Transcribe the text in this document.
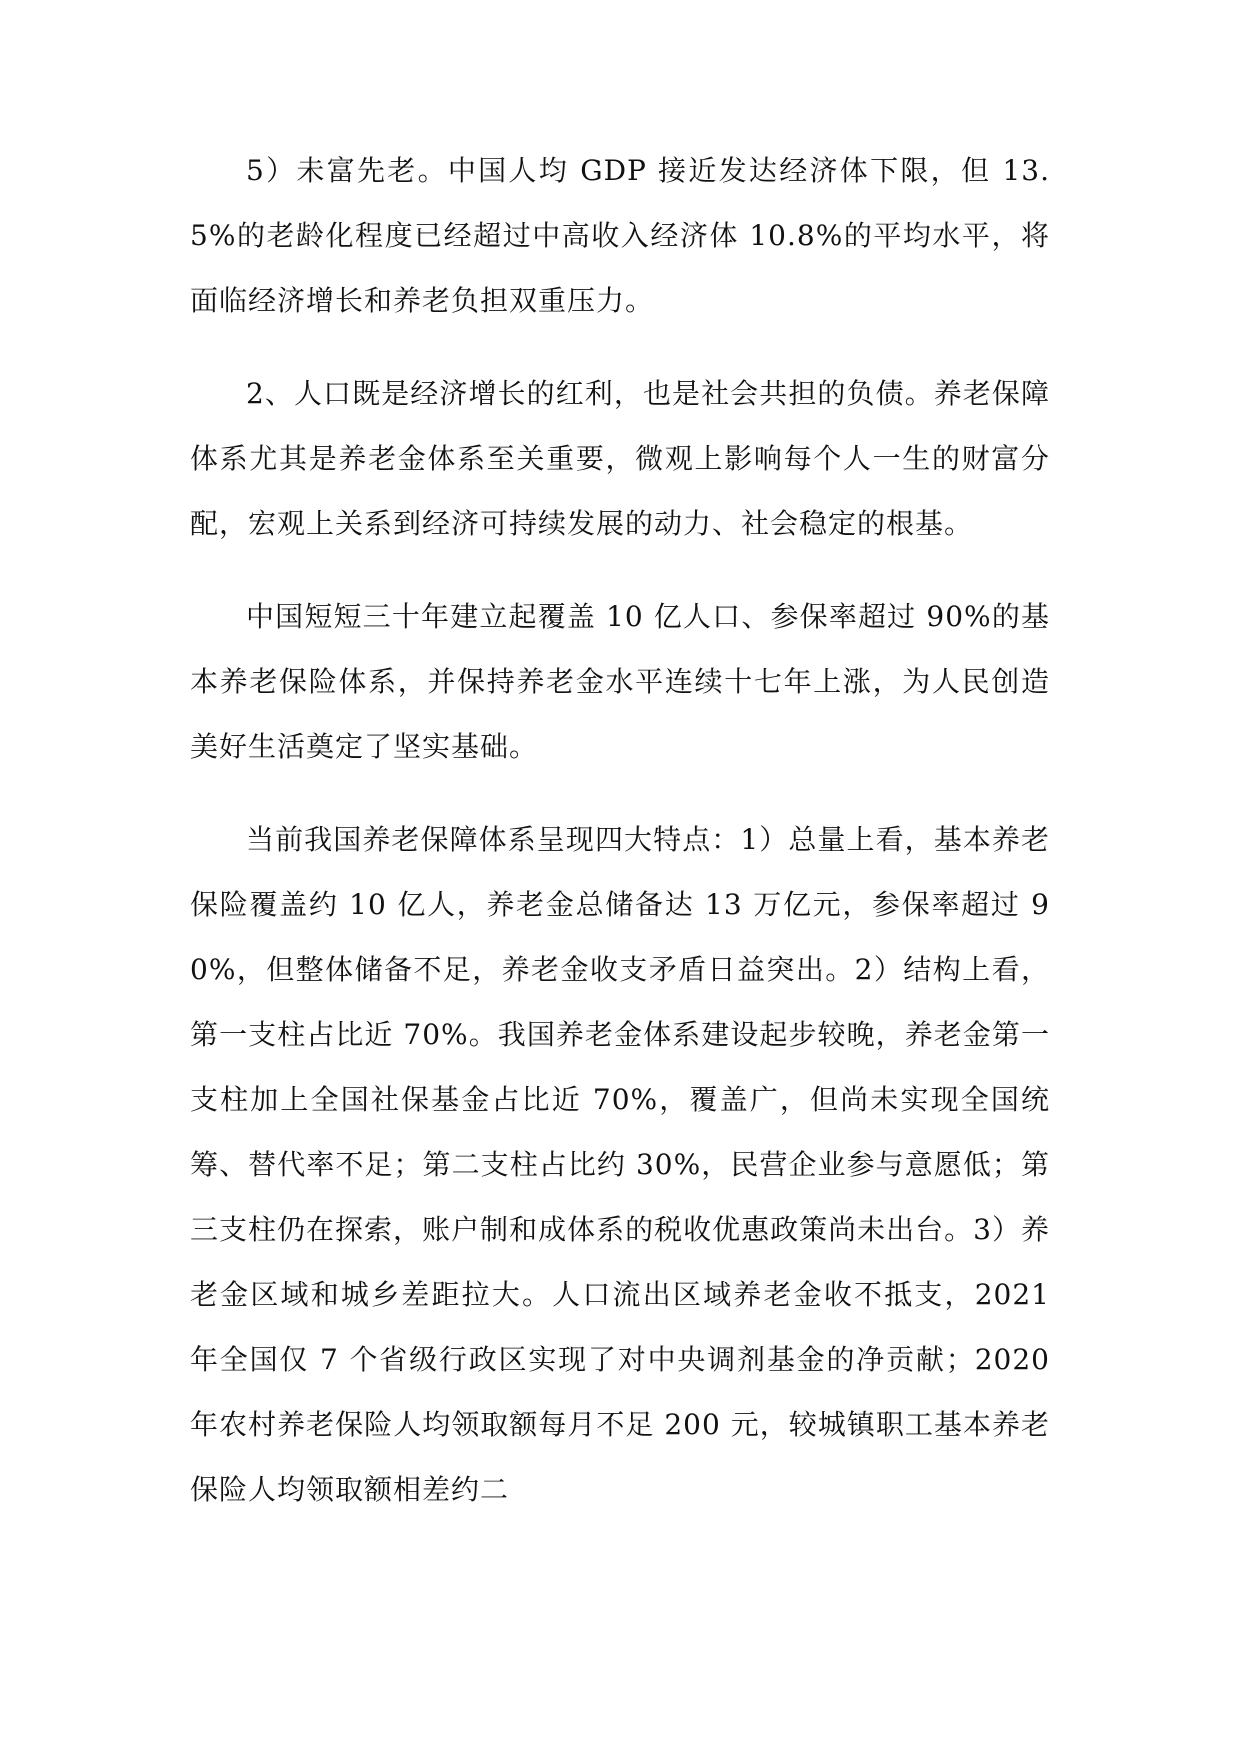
5）未富先老。中国人均 GDP 接近发达经济体下限，但 13.5%的老龄化程度已经超过中高收入经济体 10.8%的平均水平，将面临经济增长和养老负担双重压力。

2、人口既是经济增长的红利，也是社会共担的负债。养老保障体系尤其是养老金体系至关重要，微观上影响每个人一生的财富分配，宏观上关系到经济可持续发展的动力、社会稳定的根基。

中国短短三十年建立起覆盖 10 亿人口、参保率超过 90%的基本养老保险体系，并保持养老金水平连续十七年上涨，为人民创造美好生活奠定了坚实基础。

当前我国养老保障体系呈现四大特点：1）总量上看，基本养老保险覆盖约 10 亿人，养老金总储备达 13 万亿元，参保率超过 90%，但整体储备不足，养老金收支矛盾日益突出。2）结构上看，第一支柱占比近 70%。我国养老金体系建设起步较晚，养老金第一支柱加上全国社保基金占比近 70%，覆盖广，但尚未实现全国统筹、替代率不足；第二支柱占比约 30%，民营企业参与意愿低；第三支柱仍在探索，账户制和成体系的税收优惠政策尚未出台。3）养老金区域和城乡差距拉大。人口流出区域养老金收不抵支，2021 年全国仅 7 个省级行政区实现了对中央调剂基金的净贡献；2020 年农村养老保险人均领取额每月不足 200 元，较城镇职工基本养老保险人均领取额相差约二
